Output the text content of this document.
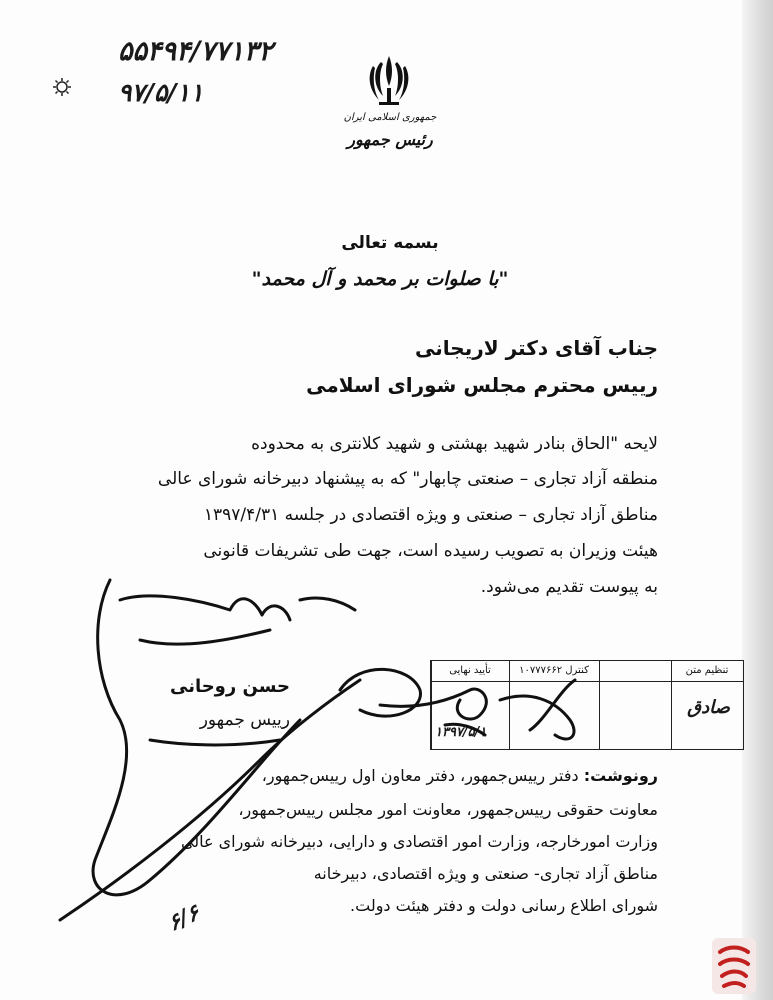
۵۵۴۹۴/۷۷۱۳۲
۹۷/۵/۱۱
جمهوری اسلامی ایران
رئیس جمهور
بسمه تعالی
"با صلوات بر محمد و آل محمد"
جناب آقای دکتر لاریجانی
رییس محترم مجلس شورای اسلامی
لایحه "الحاق بنادر شهید بهشتی و شهید کلانتری به محدوده
منطقه آزاد تجاری – صنعتی چابهار" که به پیشنهاد دبیرخانه شورای عالی
مناطق آزاد تجاری – صنعتی و ویژه اقتصادی در جلسه ۱۳۹۷/۴/۳۱
هیئت وزیران به تصویب رسیده است، جهت طی تشریفات قانونی
به پیوست تقدیم می‌شود.
حسن روحانی
رییس جمهور
تأیید نهایی	کنترل ۱۰۷۷۷۶۶۲	تنظیم متن
صادق
۱۳۹۷/۵/۱
رونوشت: دفتر رییس‌جمهور، دفتر معاون اول رییس‌جمهور،
معاونت حقوقی رییس‌جمهور، معاونت امور مجلس رییس‌جمهور،
وزارت امورخارجه، وزارت امور اقتصادی و دارایی، دبیرخانه شورای عالی
مناطق آزاد تجاری- صنعتی و ویژه اقتصادی، دبیرخانه
شورای اطلاع رسانی دولت و دفتر هیئت دولت.
۶/۶
